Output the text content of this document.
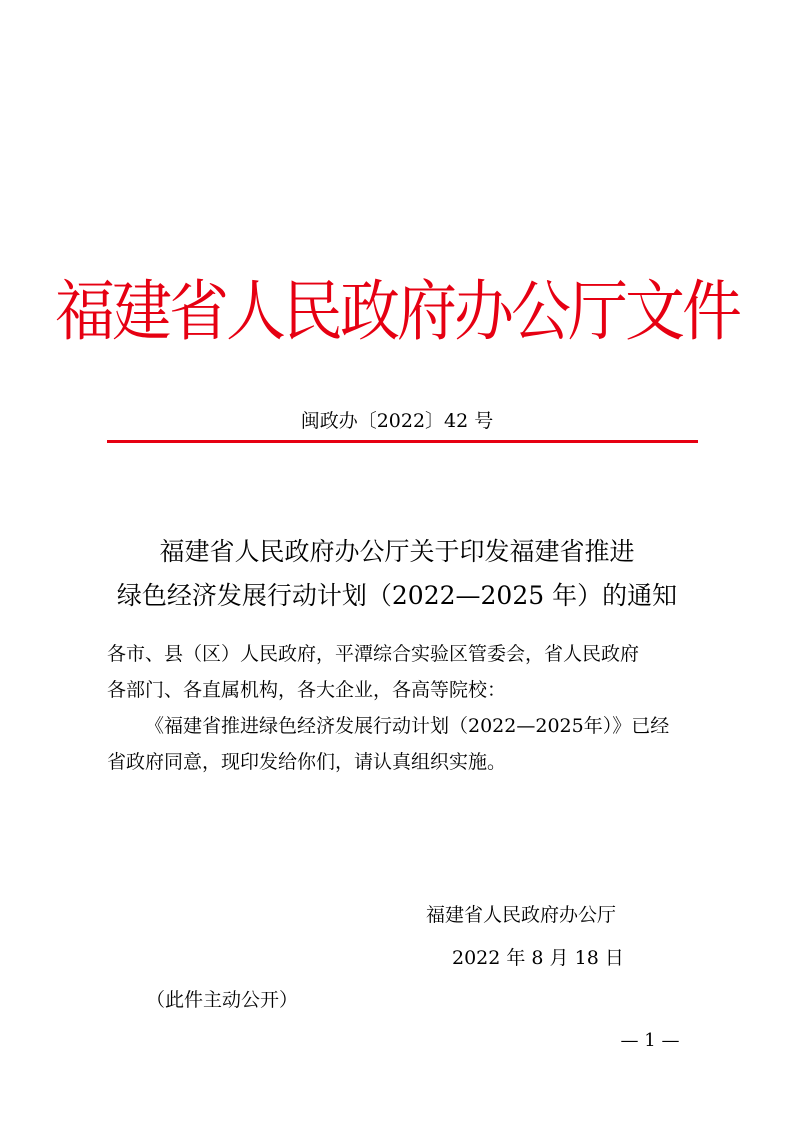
福建省人民政府办公厅文件
闽政办〔2022〕42 号
福建省人民政府办公厅关于印发福建省推进
绿色经济发展行动计划（2022—2025 年）的通知
各市、县（区）人民政府，平潭综合实验区管委会，省人民政府
各部门、各直属机构，各大企业，各高等院校：
《福建省推进绿色经济发展行动计划（2022—2025年）》已经
省政府同意，现印发给你们，请认真组织实施。
福建省人民政府办公厅
2022 年 8 月 18 日
（此件主动公开）
— 1 —
